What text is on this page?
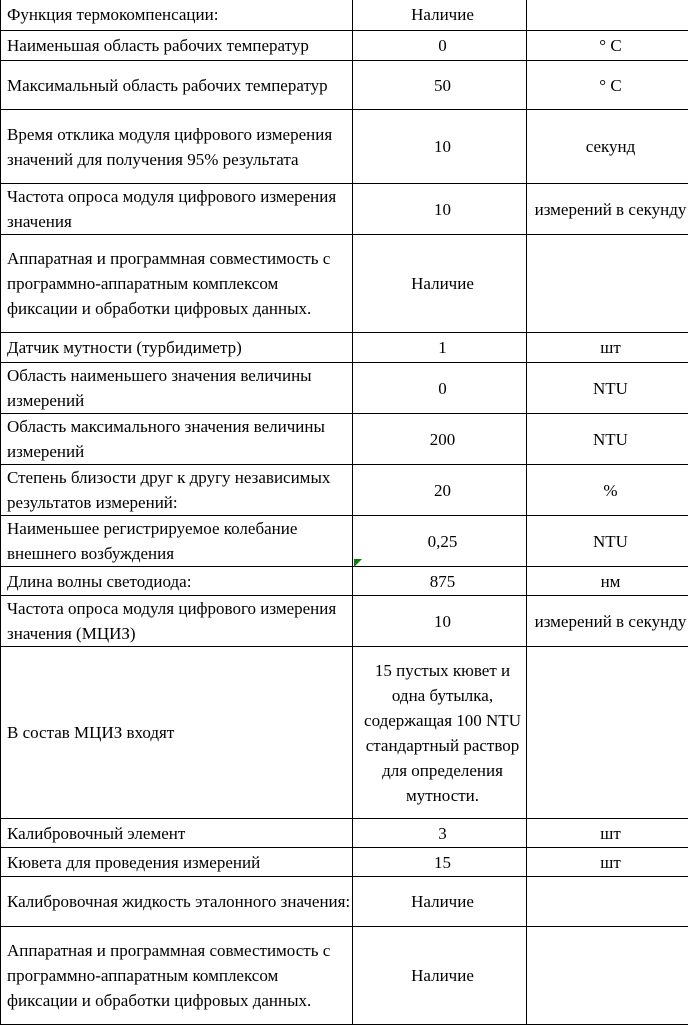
Функция термокомпенсации:	Наличие	
Наименьшая область рабочих температур	0	° С
Максимальный область рабочих температур	50	° С
Время отклика модуля цифрового измерения значений для получения 95% результата	10	секунд
Частота опроса модуля цифрового измерения значения	10	измерений в секунду
Аппаратная и программная совместимость с программно-аппаратным комплексом фиксации и обработки цифровых данных.	Наличие	
Датчик мутности (турбидиметр)	1	шт
Область наименьшего значения величины измерений	0	NTU
Область максимального значения величины измерений	200	NTU
Степень близости друг к другу независимых результатов измерений:	20	%
Наименьшее регистрируемое колебание внешнего возбуждения	0,25	NTU
Длина волны светодиода:	875	нм
Частота опроса модуля цифрового измерения значения (МЦИЗ)	10	измерений в секунду
В состав МЦИЗ входят	15 пустых кювет и одна бутылка, содержащая 100 NTU стандартный раствор для определения мутности.	
Калибровочный элемент	3	шт
Кювета для проведения измерений	15	шт
Калибровочная жидкость эталонного значения:	Наличие	
Аппаратная и программная совместимость с программно-аппаратным комплексом фиксации и обработки цифровых данных.	Наличие	
